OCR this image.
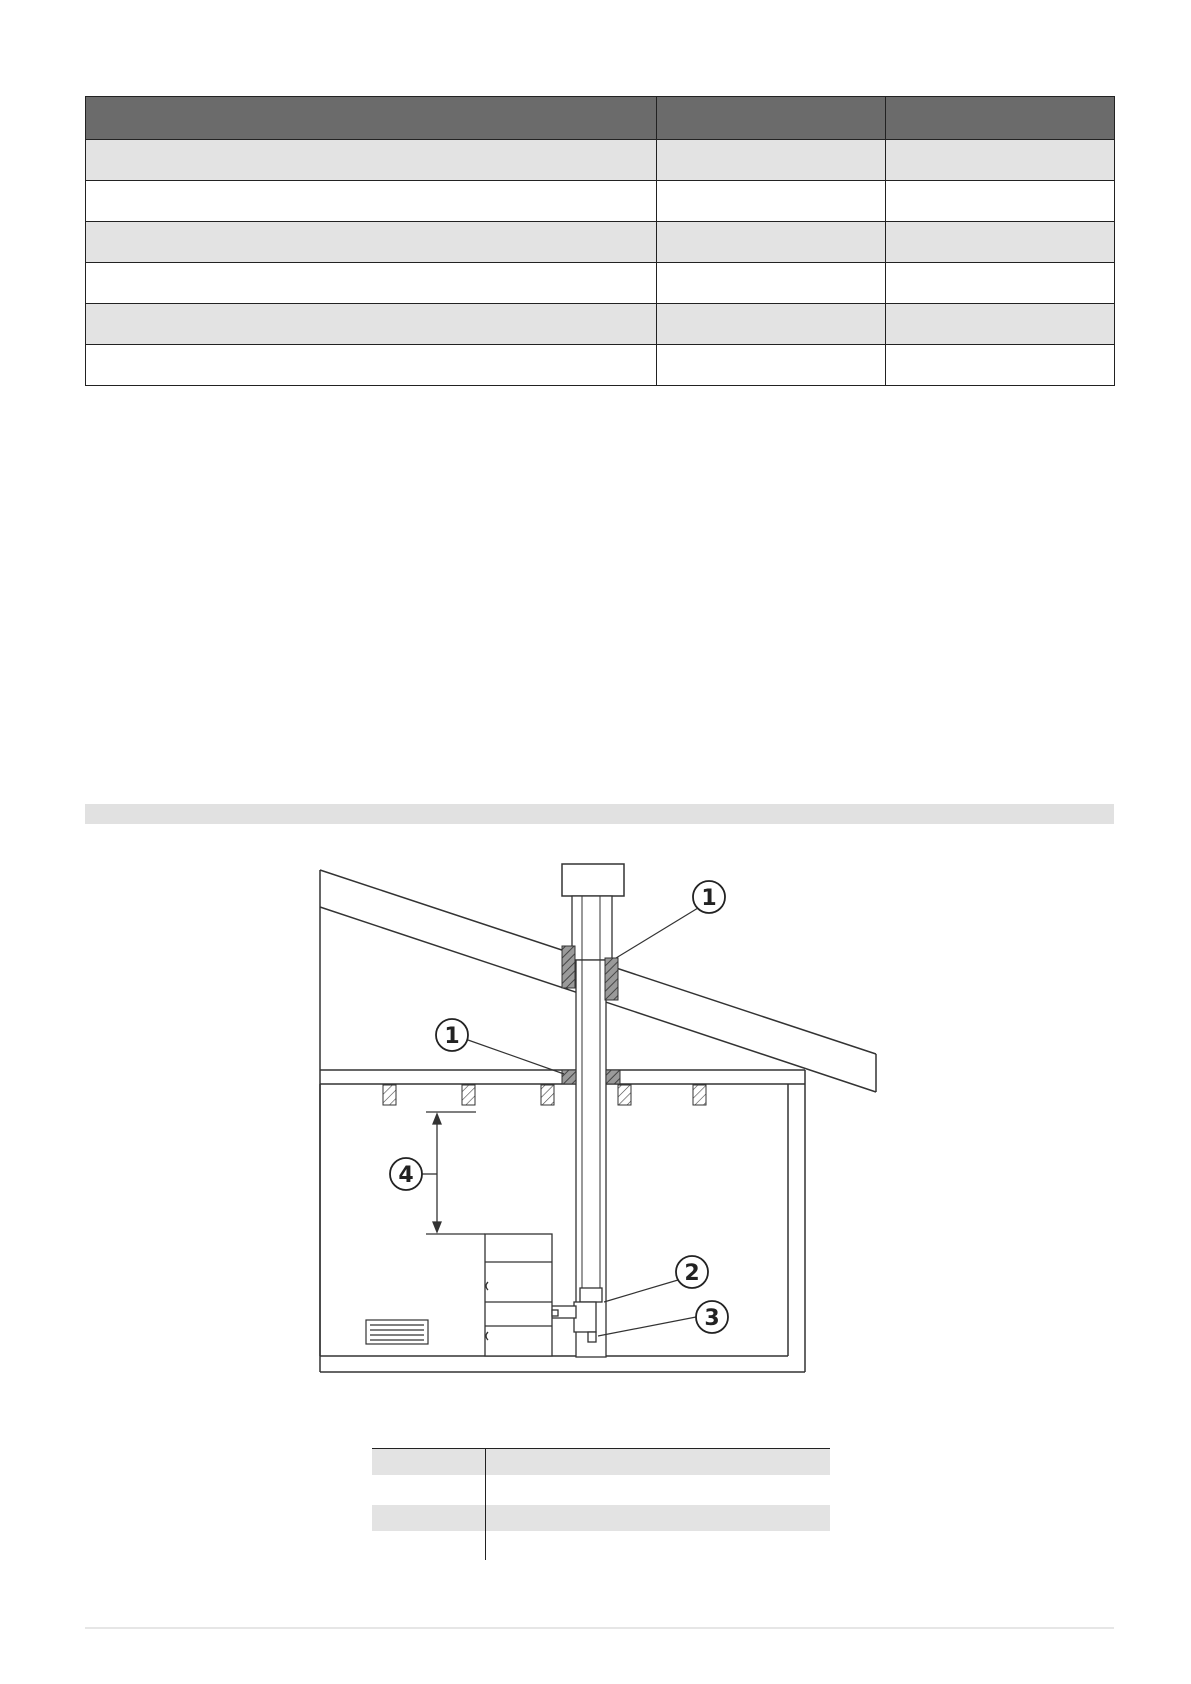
1
1
2
3
4
